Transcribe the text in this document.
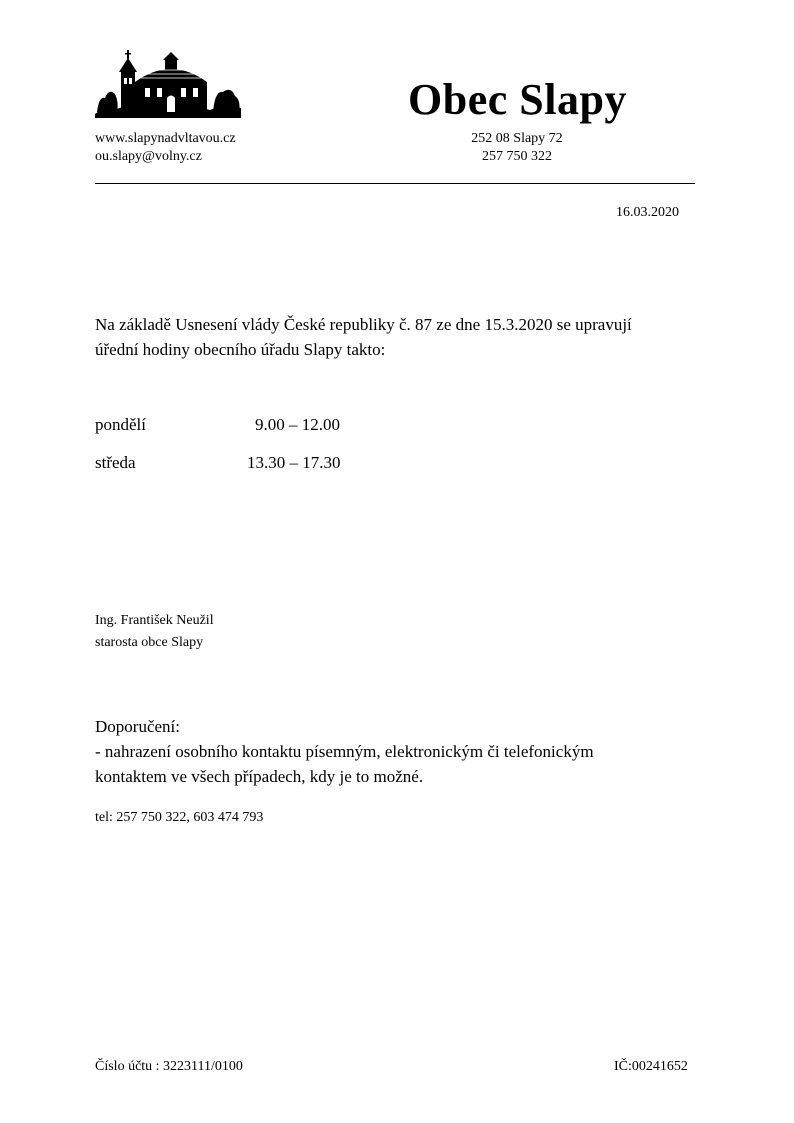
Obec Slapy
www.slapynadvltavou.cz
ou.slapy@volny.cz
252 08 Slapy 72
257 750 322
16.03.2020
Na základě Usnesení vlády České republiky č. 87 ze dne 15.3.2020 se upravují
úřední hodiny obecního úřadu Slapy takto:
pondělí	9.00 – 12.00
středa	13.30 – 17.30
Ing. František Neužil
starosta obce Slapy
Doporučení:
- nahrazení osobního kontaktu písemným, elektronickým či telefonickým
kontaktem ve všech případech, kdy je to možné.
tel: 257 750 322, 603 474 793
Číslo účtu : 3223111/0100	IČ:00241652
